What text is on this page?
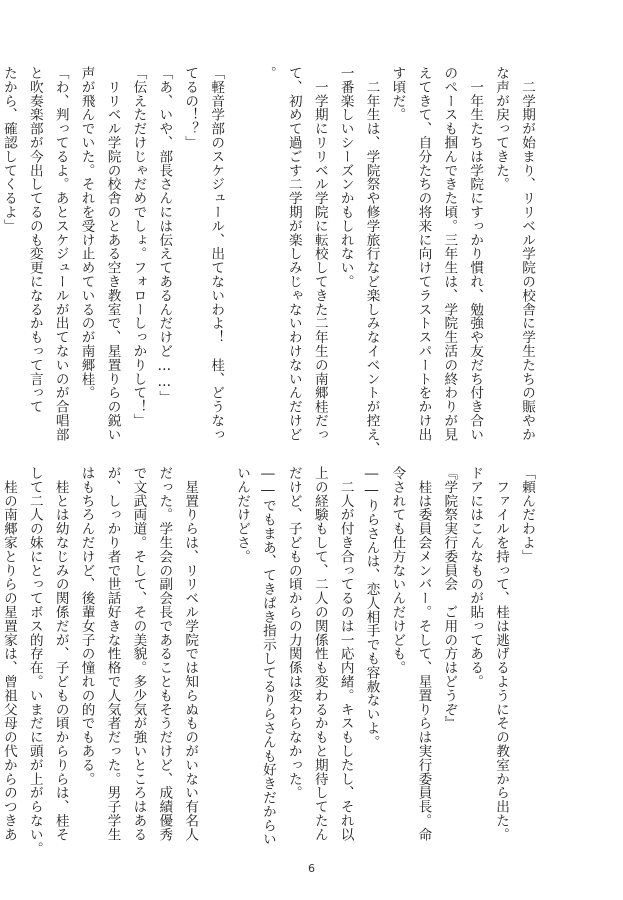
　二学期が始まり、リリベル学院の校舎に学生たちの賑やか
な声が戻ってきた。
　一年生たちは学院にすっかり慣れ、勉強や友だち付き合い
のペースも掴んできた頃。三年生は、学院生活の終わりが見
えてきて、自分たちの将来に向けてラストスパートをかけ出
す頃だ。
　二年生は、学院祭や修学旅行など楽しみなイベントが控え、
一番楽しいシーズンかもしれない。
　一学期にリリベル学院に転校してきた二年生の南郷桂だっ
て、初めて過ごす二学期が楽しみじゃないわけないんだけど
。
「軽音学部のスケジュール、出てないわよ！　桂、どうなっ
てるの！？」
「あ、いや、部長さんには伝えてあるんだけど……」
「伝えただけじゃだめでしょ。フォローしっかりして！」
　リリベル学院の校舎のとある空き教室で、星置りらの鋭い
声が飛んでいた。それを受け止めているのが南郷桂。
「わ、判ってるよ。あとスケジュールが出てないのが合唱部
と吹奏楽部が今出してるのも変更になるかもって言って
たから、確認してくるよ」
「頼んだわよ」
　ファイルを持って、桂は逃げるようにその教室から出た。
ドアにはこんなものが貼ってある。
『学院祭実行委員会　ご用の方はどうぞ』
　桂は委員会メンバー。そして、星置りらは実行委員長。命
令されても仕方ないんだけども。
――りらさんは、恋人相手でも容赦ないよ。
　二人が付き合ってるのは一応内緒。キスもしたし、それ以
上の経験もして、二人の関係性も変わるかもと期待してたん
だけど、子どもの頃からの力関係は変わらなかった。
――でもまあ、てきぱき指示してるりらさんも好きだからい
いんだけどさ。
　星置りらは、リリベル学院では知らぬものがいない有名人
だった。学生会の副会長であることもそうだけど、成績優秀
で文武両道。そして、その美貌。多少気が強いところはある
が、しっかり者で世話好きな性格で人気者だった。男子学生
はもちろんだけど、後輩女子の憧れの的でもある。
　桂とは幼なじみの関係だが、子どもの頃からりらは、桂そ
して二人の妹にとってボス的存在。いまだに頭が上がらない。
　桂の南郷家とりらの星置家は、曾祖父母の代からのつきあ
6
